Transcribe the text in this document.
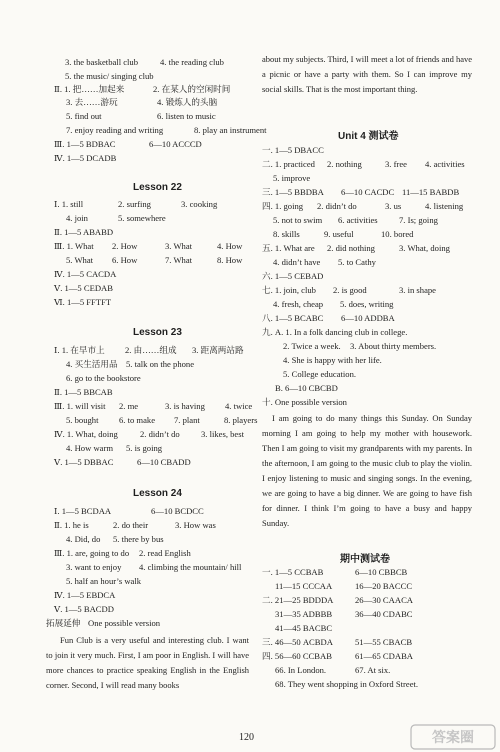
3. the basketball club	4. the reading club
5. the music/ singing club
Ⅱ. 1. 把……加起来	2. 在某人的空闲时间
3. 去……游玩	4. 锻炼人的头脑
5. find out	6. listen to music
7. enjoy reading and writing	8. play an instrument
Ⅲ. 1—5 BDBAC	6—10 ACCCD
Ⅳ. 1—5 DCADB
Lesson 22
Ⅰ. 1. still	2. surfing	3. cooking
4. join	5. somewhere
Ⅱ. 1—5 ABABD
Ⅲ. 1. What 2. How	3. What	4. How
5. What 6. How	7. What	8. How
Ⅳ. 1—5 CACDA
Ⅴ. 1—5 CEDAB
Ⅵ. 1—5 FFTFT
Lesson 23
Ⅰ. 1. 在早市上 2. 由……组成 3. 距离两站路
4. 买生活用品 5. talk on the phone
6. go to the bookstore
Ⅱ. 1—5 BBCAB
Ⅲ. 1. will visit 2. me	3. is having 4. twice
5. bought 6. to make 7. plant	8. players
Ⅳ. 1. What, doing	2. didn’t do 3. likes, best
4. How warm 5. is going
Ⅴ. 1—5 DBBAC	6—10 CBADD
Lesson 24
Ⅰ. 1—5 BCDAA	6—10 BCDCC
Ⅱ. 1. he is	2. do their	3. How was
4. Did, do 5. there by bus
Ⅲ. 1. are, going to do 2. read English
3. want to enjoy 4. climbing the mountain/ hill
5. half an hour’s walk
Ⅳ. 1—5 EBDCA
Ⅴ. 1—5 BACDD
拓展延伸 One possible version
Fun Club is a very useful and interesting club. I want to join it very much. First, I am poor in English. I will have more chances to practice speaking English in the English corner. Second, I will read many books
about my subjects. Third, I will meet a lot of friends and have a picnic or have a party with them. So I can improve my social skills. That is the most important thing.
Unit 4 测试卷
一. 1—5 DBACC
二. 1. practiced 2. nothing	3. free 4. activities
5. improve
三. 1—5 BBDBA 6—10 CACDC 11—15 BABDB
四. 1. going 2. didn’t do	3. us	4. listening
5. not to swim 6. activities 7. Is; going
8. skills	9. useful	10. bored
五. 1. What are 2. did nothing	3. What, doing
4. didn’t have 5. to Cathy
六. 1—5 CEBAD
七. 1. join, club 2. is good	3. in shape
4. fresh, cheap 5. does, writing
八. 1—5 BCABC 6—10 ADDBA
九. A. 1. In a folk dancing club in college.
2. Twice a week. 3. About thirty members.
4. She is happy with her life.
5. College education.
B. 6—10 CBCBD
十. One possible version
I am going to do many things this Sunday. On Sunday morning I am going to help my mother with housework. Then I am going to visit my grandparents with my parents. In the afternoon, I am going to the music club to play the violin. I enjoy listening to music and singing songs. In the evening, we are going to have a big dinner. We are going to have fish for dinner. I think I’m going to have a busy and happy Sunday.
期中测试卷
一. 1—5 CCBAB	6—10 CBBCB
11—15 CCCAA	16—20 BACCC
二. 21—25 BDDDA	26—30 CAACA
31—35 ADBBB	36—40 CDABC
41—45 BACBC
三. 46—50 ACBDA	51—55 CBACB
四. 56—60 CCBAB	61—65 CDABA
66. In London.	67. At six.
68. They went shopping in Oxford Street.
120	答案圈
